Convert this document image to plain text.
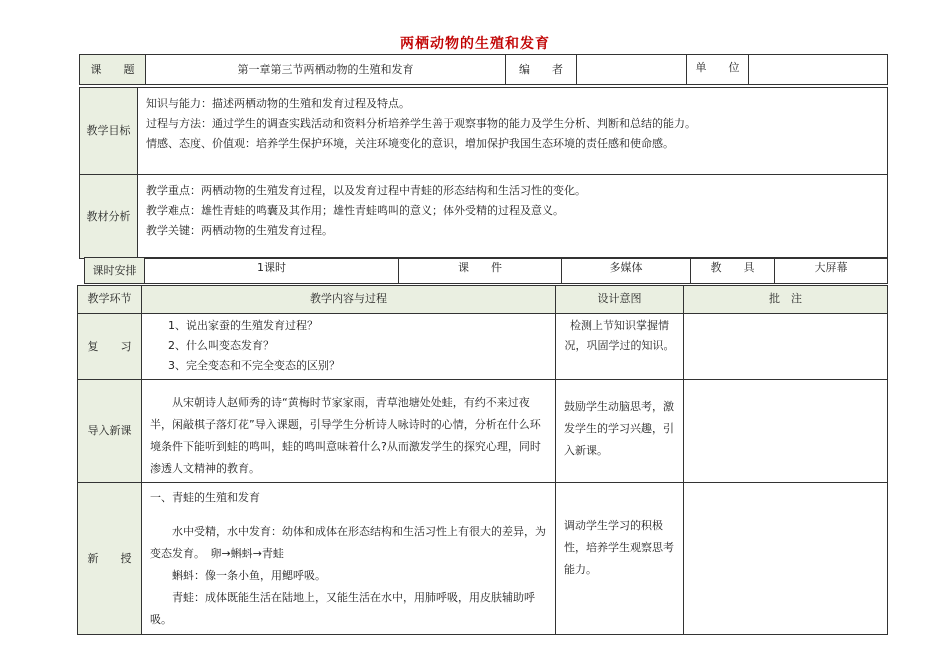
两栖动物的生殖和发育
课　　题	第一章第三节两栖动物的生殖和发育	编　　者		单　　位	
教学目标	知识与能力：描述两栖动物的生殖和发育过程及特点。
过程与方法：通过学生的调查实践活动和资料分析培养学生善于观察事物的能力及学生分析、判断和总结的能力。
情感、态度、价值观：培养学生保护环境，关注环境变化的意识，增加保护我国生态环境的责任感和使命感。

教材分析	教学重点：两栖动物的生殖发育过程，以及发育过程中青蛙的形态结构和生活习性的变化。
教学难点：雄性青蛙的鸣囊及其作用；雄性青蛙鸣叫的意义；体外受精的过程及意义。
教学关键：两栖动物的生殖发育过程。
课时安排	1课时	课　　件	多媒体	教　　具	大屏幕
教学环节	教学内容与过程	设计意图	批　注
复　　习	1、说出家蚕的生殖发育过程？
2、什么叫变态发育？
3、完全变态和不完全变态的区别？	检测上节知识掌握情况，巩固学过的知识。	
导入新课	从宋朝诗人赵师秀的诗“黄梅时节家家雨，青草池塘处处蛙，有约不来过夜半，闲敲棋子落灯花”导入课题，引导学生分析诗人咏诗时的心情，分析在什么环境条件下能听到蛙的鸣叫，蛙的鸣叫意味着什么?从而激发学生的探究心理，同时渗透人文精神的教育。	鼓励学生动脑思考，激发学生的学习兴趣，引入新课。	
新　　授	一、青蛙的生殖和发育
水中受精，水中发育：幼体和成体在形态结构和生活习性上有很大的差异，为变态发育。　卵→蝌蚪→青蛙
蝌蚪：像一条小鱼，用鳃呼吸。
青蛙：成体既能生活在陆地上，又能生活在水中，用肺呼吸，用皮肤辅助呼吸。	调动学生学习的积极性，培养学生观察思考能力。	
